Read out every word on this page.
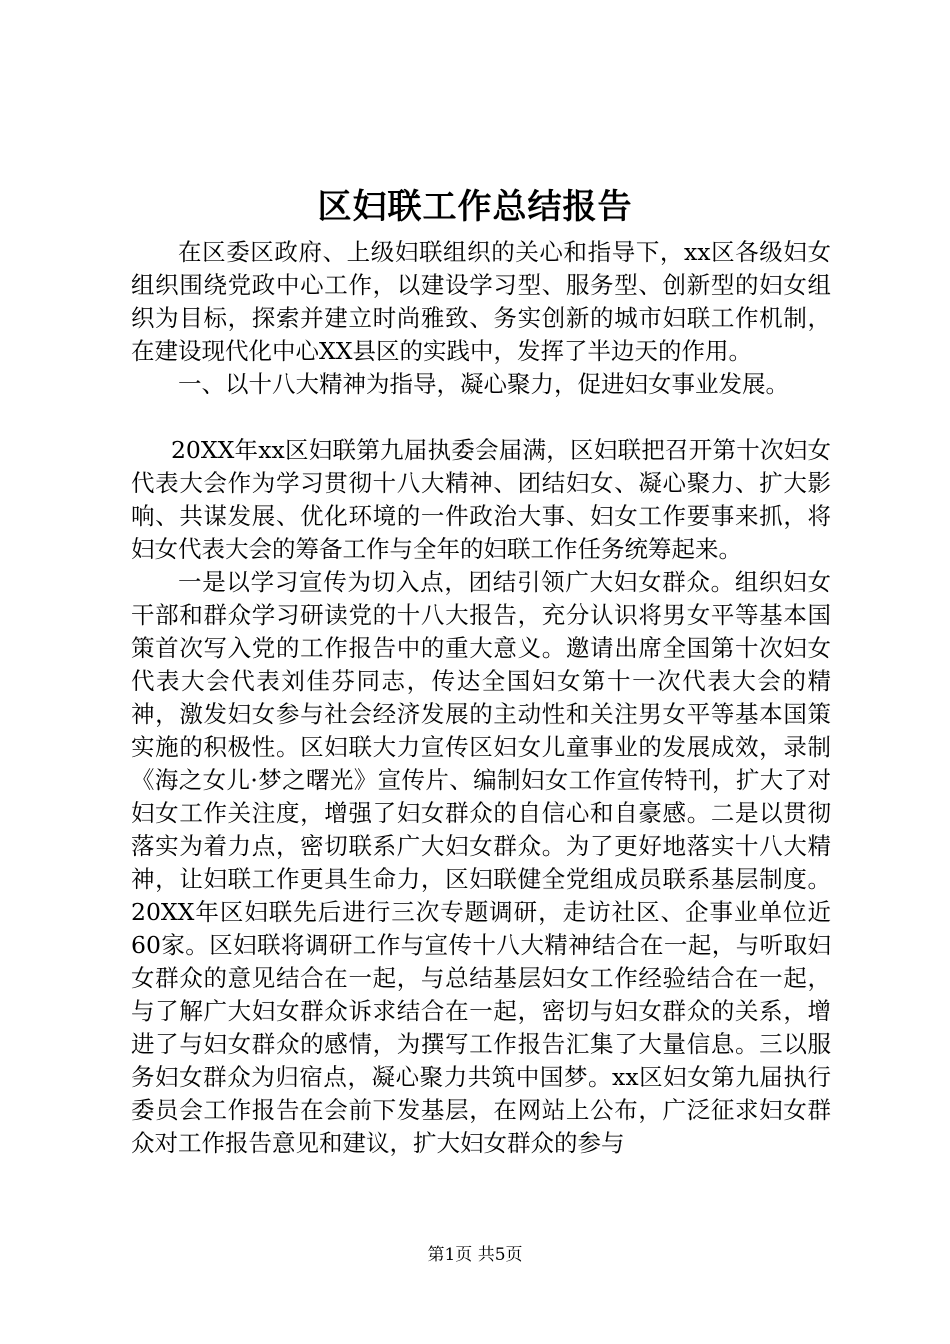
区妇联工作总结报告

在区委区政府、上级妇联组织的关心和指导下，xx区各级妇女组织围绕党政中心工作，以建设学习型、服务型、创新型的妇女组织为目标，探索并建立时尚雅致、务实创新的城市妇联工作机制，在建设现代化中心XX县区的实践中，发挥了半边天的作用。

一、以十八大精神为指导，凝心聚力，促进妇女事业发展。

20XX年xx区妇联第九届执委会届满，区妇联把召开第十次妇女代表大会作为学习贯彻十八大精神、团结妇女、凝心聚力、扩大影响、共谋发展、优化环境的一件政治大事、妇女工作要事来抓，将妇女代表大会的筹备工作与全年的妇联工作任务统筹起来。

一是以学习宣传为切入点，团结引领广大妇女群众。组织妇女干部和群众学习研读党的十八大报告，充分认识将男女平等基本国策首次写入党的工作报告中的重大意义。邀请出席全国第十次妇女代表大会代表刘佳芬同志，传达全国妇女第十一次代表大会的精神，激发妇女参与社会经济发展的主动性和关注男女平等基本国策实施的积极性。区妇联大力宣传区妇女儿童事业的发展成效，录制《海之女儿·梦之曙光》宣传片、编制妇女工作宣传特刊，扩大了对妇女工作关注度，增强了妇女群众的自信心和自豪感。二是以贯彻落实为着力点，密切联系广大妇女群众。为了更好地落实十八大精神，让妇联工作更具生命力，区妇联健全党组成员联系基层制度。20XX年区妇联先后进行三次专题调研，走访社区、企事业单位近60家。区妇联将调研工作与宣传十八大精神结合在一起，与听取妇女群众的意见结合在一起，与总结基层妇女工作经验结合在一起，与了解广大妇女群众诉求结合在一起，密切与妇女群众的关系，增进了与妇女群众的感情，为撰写工作报告汇集了大量信息。三以服务妇女群众为归宿点，凝心聚力共筑中国梦。xx区妇女第九届执行委员会工作报告在会前下发基层，在网站上公布，广泛征求妇女群众对工作报告意见和建议，扩大妇女群众的参与

第1页 共5页
